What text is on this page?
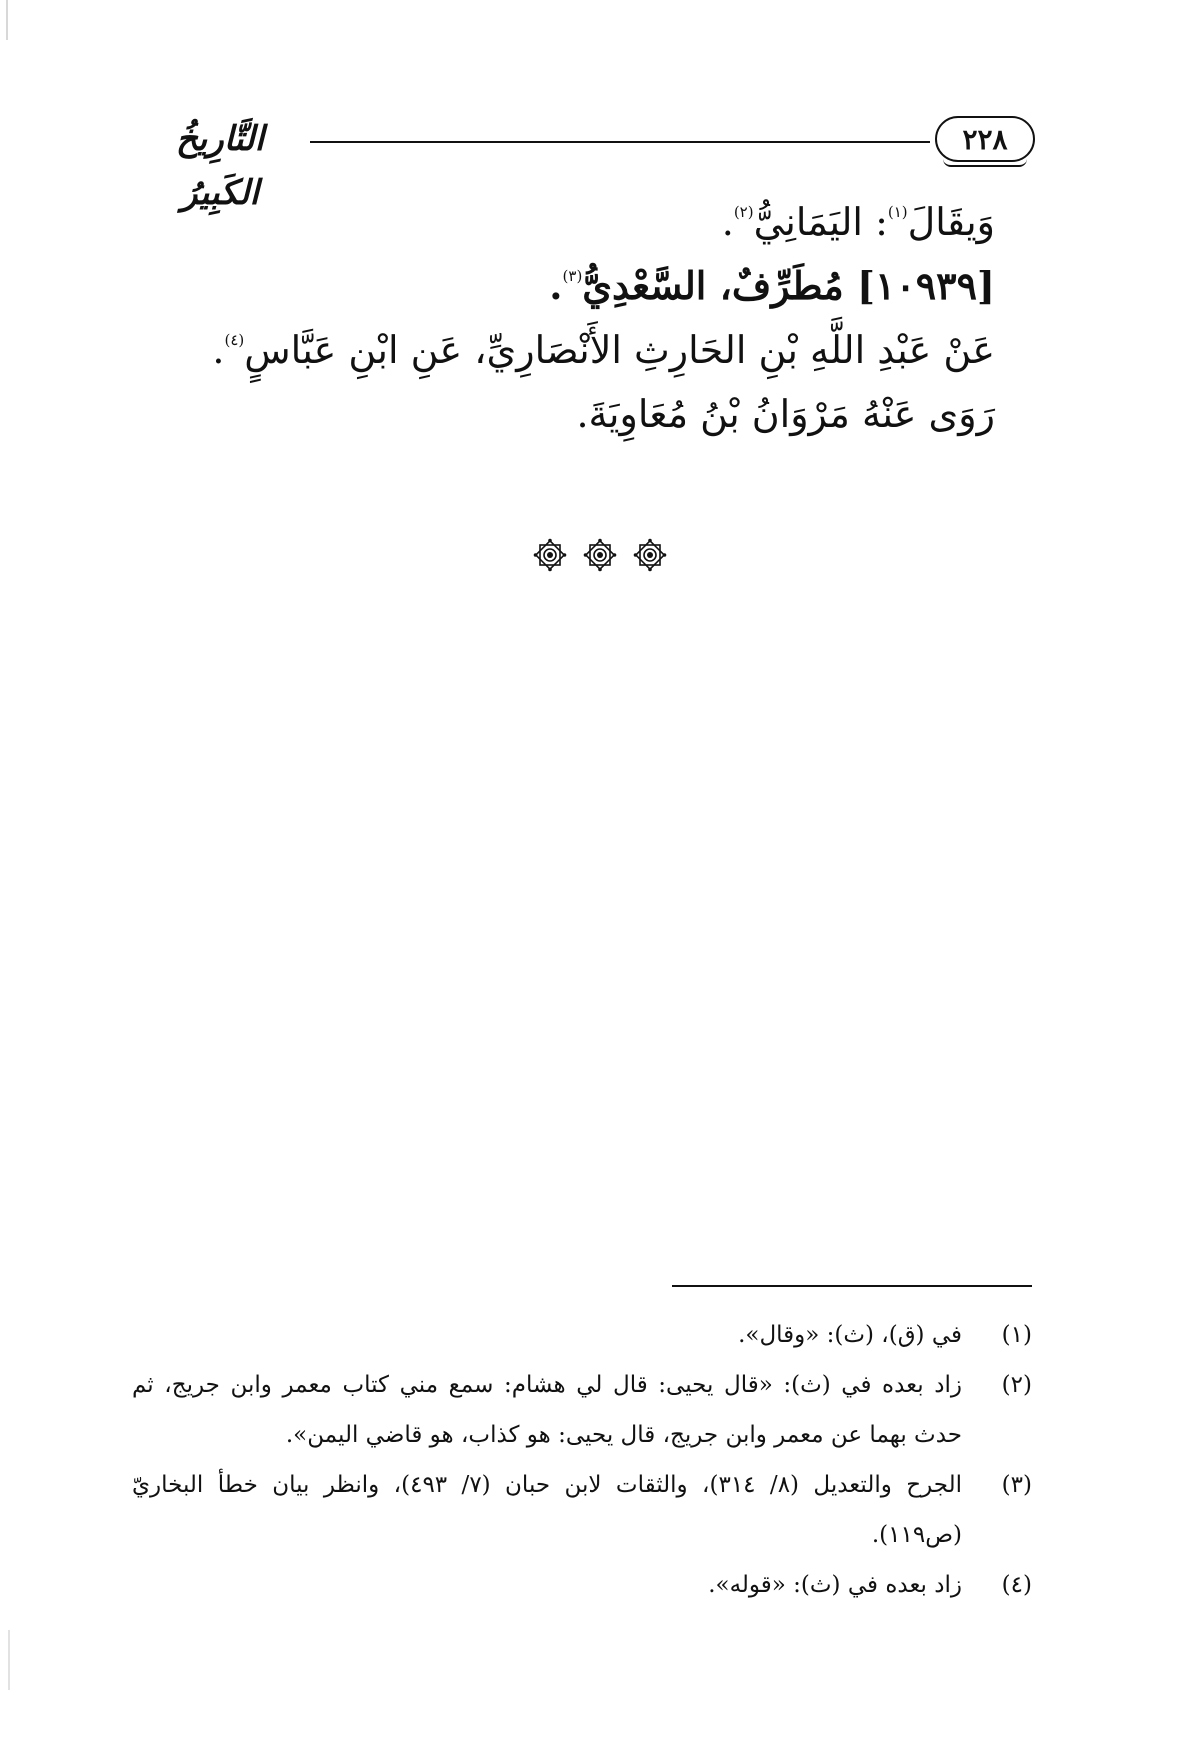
٢٢٨
التَّارِيخُ الكَبِيرُ

وَيقَالَ$^{(١)}$: اليَمَانِيُّ$^{(٢)}$.

[١٠٩٣٩] مُطَرِّفٌ، السَّعْدِيُّ$^{(٣)}$.

عَنْ عَبْدِ اللَّهِ بْنِ الحَارِثِ الأَنْصَارِيِّ، عَنِ ابْنِ عَبَّاسٍ$^{(٤)}$.

رَوَى عَنْهُ مَرْوَانُ بْنُ مُعَاوِيَةَ.

(١)
في (ق)، (ث): «وقال».
(٢)
زاد بعده في (ث): «قال يحيى: قال لي هشام: سمع مني كتاب معمر وابن جريج، ثم حدث بهما عن معمر وابن جريج، قال يحيى: هو كذاب، هو قاضي اليمن».
(٣)
الجرح والتعديل (٨/ ٣١٤)، والثقات لابن حبان (٧/ ٤٩٣)، وانظر بيان خطأ البخاريّ (ص١١٩).
(٤)
زاد بعده في (ث): «قوله».
